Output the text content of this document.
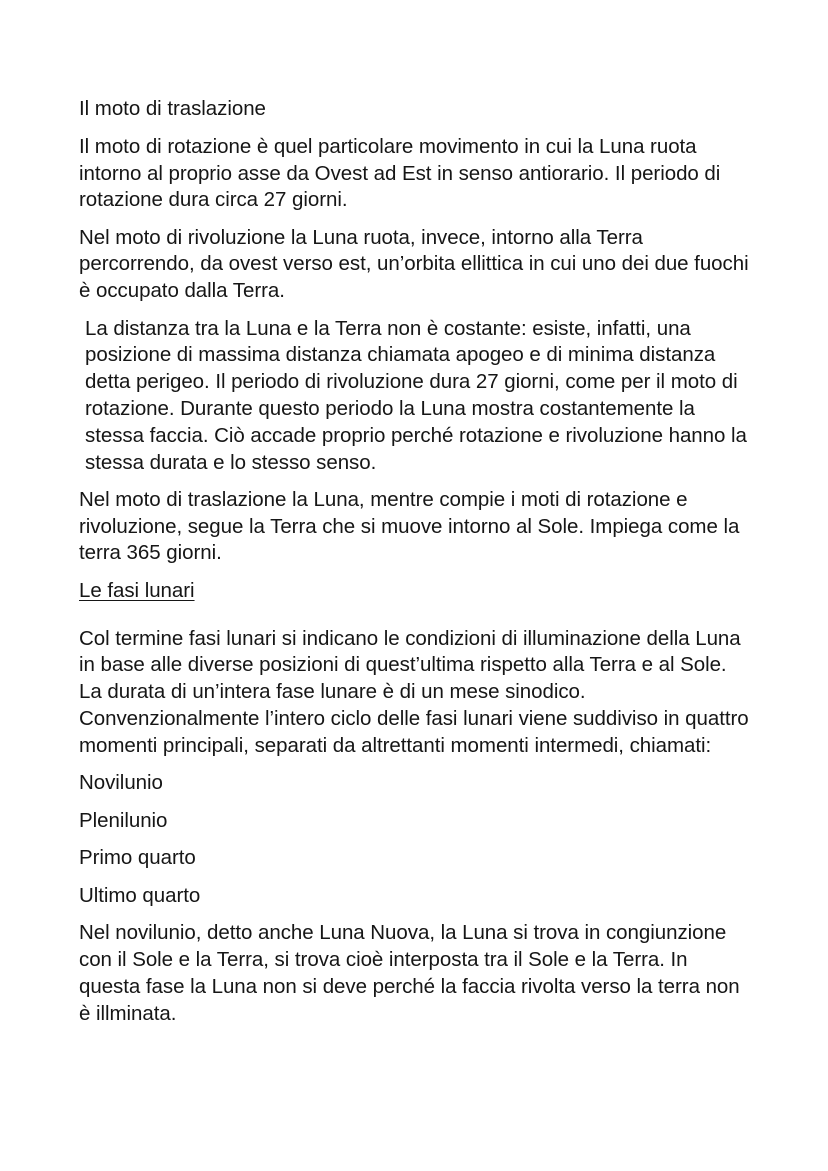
Il moto di traslazione

Il moto di rotazione è quel particolare movimento in cui la Luna ruota intorno al proprio asse da Ovest ad Est in senso antiorario. Il periodo di rotazione dura circa 27 giorni.

Nel moto di rivoluzione la Luna ruota, invece, intorno alla Terra percorrendo, da ovest verso est, un’orbita ellittica in cui uno dei due fuochi è occupato dalla Terra.

La distanza tra la Luna e la Terra non è costante: esiste, infatti, una posizione di massima distanza chiamata apogeo e di minima distanza detta perigeo. Il periodo di rivoluzione dura 27 giorni, come per il moto di rotazione. Durante questo periodo la Luna mostra costantemente la stessa faccia. Ciò accade proprio perché rotazione e rivoluzione hanno la stessa durata e lo stesso senso.

Nel moto di traslazione la Luna, mentre compie i moti di rotazione e rivoluzione, segue la Terra che si muove intorno al Sole. Impiega come la terra 365 giorni.

Le fasi lunari

Col termine fasi lunari si indicano le condizioni di illuminazione della Luna in base alle diverse posizioni di quest’ultima rispetto alla Terra e al Sole. La durata di un’intera fase lunare è di un mese sinodico. Convenzionalmente l’intero ciclo delle fasi lunari viene suddiviso in quattro momenti principali, separati da altrettanti momenti intermedi, chiamati:

Novilunio

Plenilunio

Primo quarto

Ultimo quarto

Nel novilunio, detto anche Luna Nuova, la Luna si trova in congiunzione con il Sole e la Terra, si trova cioè interposta tra il Sole e la Terra. In questa fase la Luna non si deve perché la faccia rivolta verso la terra non è illminata.
